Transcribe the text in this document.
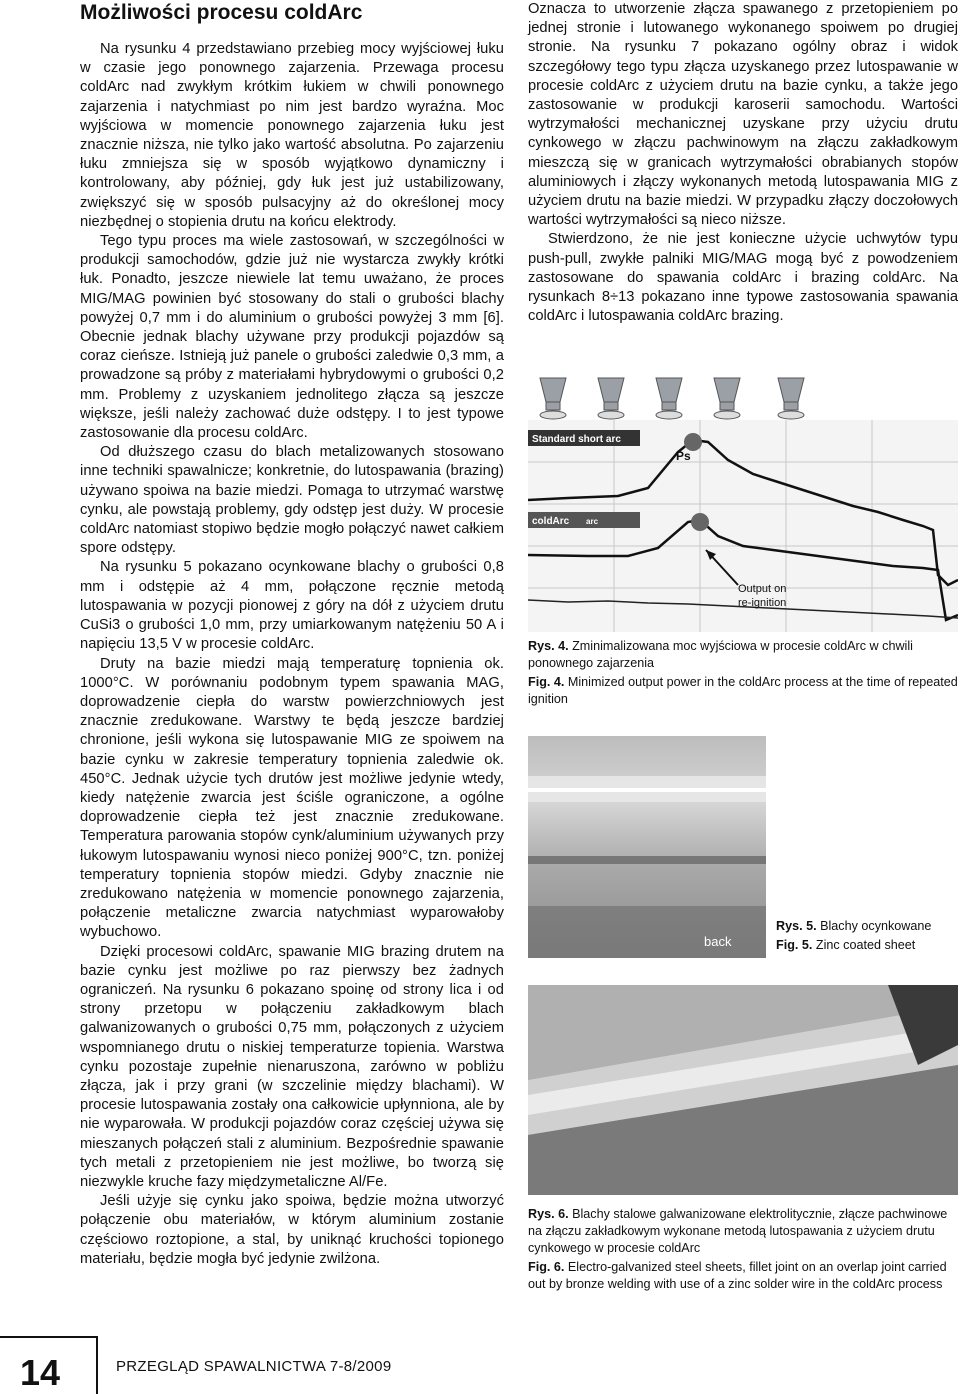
Możliwości procesu coldArc

Na rysunku 4 przedstawiano przebieg mocy wyjściowej łuku w czasie jego ponownego zajarzenia. Przewaga procesu coldArc nad zwykłym krótkim łukiem w chwili ponownego zajarzenia i natychmiast po nim jest bardzo wyraźna. Moc wyjściowa w momencie ponownego zajarzenia łuku jest znacznie niższa, nie tylko jako wartość absolutna. Po zajarzeniu łuku zmniejsza się w sposób wyjątkowo dynamiczny i kontrolowany, aby później, gdy łuk jest już ustabilizowany, zwiększyć się w sposób pulsacyjny aż do określonej mocy niezbędnej o stopienia drutu na końcu elektrody.

Tego typu proces ma wiele zastosowań, w szczególności w produkcji samochodów, gdzie już nie wystarcza zwykły krótki łuk. Ponadto, jeszcze niewiele lat temu uważano, że proces MIG/MAG powinien być stosowany do stali o grubości blachy powyżej 0,7 mm i do aluminium o grubości powyżej 3 mm [6]. Obecnie jednak blachy używane przy produkcji pojazdów są coraz cieńsze. Istnieją już panele o grubości zaledwie 0,3 mm, a prowadzone są próby z materiałami hybrydowymi o grubości 0,2 mm. Problemy z uzyskaniem jednolitego złącza są jeszcze większe, jeśli należy zachować duże odstępy. I to jest typowe zastosowanie dla procesu coldArc.

Od dłuższego czasu do blach metalizowanych stosowano inne techniki spawalnicze; konkretnie, do lutospawania (brazing) używano spoiwa na bazie miedzi. Pomaga to utrzymać warstwę cynku, ale powstają problemy, gdy odstęp jest duży. W procesie coldArc natomiast stopiwo będzie mogło połączyć nawet całkiem spore odstępy.

Na rysunku 5 pokazano ocynkowane blachy o grubości 0,8 mm i odstępie aż 4 mm, połączone ręcznie metodą lutospawania w pozycji pionowej z góry na dół z użyciem drutu CuSi3 o grubości 1,0 mm, przy umiarkowanym natężeniu 50 A i napięciu 13,5 V w procesie coldArc.

Druty na bazie miedzi mają temperaturę topnienia ok. 1000°C. W porównaniu podobnym typem spawania MAG, doprowadzenie ciepła do warstw powierzchniowych jest znacznie zredukowane. Warstwy te będą jeszcze bardziej chronione, jeśli wykona się lutospawanie MIG ze spoiwem na bazie cynku w zakresie temperatury topnienia zaledwie ok. 450°C. Jednak użycie tych drutów jest możliwe jedynie wtedy, kiedy natężenie zwarcia jest ściśle ograniczone, a ogólne doprowadzenie ciepła też jest znacznie zredukowane. Temperatura parowania stopów cynk/aluminium używanych przy łukowym lutospawaniu wynosi nieco poniżej 900°C, tzn. poniżej temperatury topnienia stopów miedzi. Gdyby znacznie nie zredukowano natężenia w momencie ponownego zajarzenia, połączenie metaliczne zwarcia natychmiast wyparowałoby wybuchowo.

Dzięki procesowi coldArc, spawanie MIG brazing drutem na bazie cynku jest możliwe po raz pierwszy bez żadnych ograniczeń. Na rysunku 6 pokazano spoinę od strony lica i od strony przetopu w połączeniu zakładkowym blach galwanizowanych o grubości 0,75 mm, połączonych z użyciem wspomnianego drutu o niskiej temperaturze topienia. Warstwa cynku pozostaje zupełnie nienaruszona, zarówno w pobliżu złącza, jak i przy grani (w szczelinie między blachami). W procesie lutospawania zostały ona całkowicie upłynniona, ale by nie wyparowała. W produkcji pojazdów coraz częściej używa się mieszanych połączeń stali z aluminium. Bezpośrednie spawanie tych metali z przetopieniem nie jest możliwe, bo tworzą się niezwykle kruche fazy międzymetaliczne Al/Fe.

Jeśli użyje się cynku jako spoiwa, będzie można utworzyć połączenie obu materiałów, w którym aluminium zostanie częściowo roztopione, a stal, by uniknąć kruchości topionego materiału, będzie mogła być jedynie zwilżona.

Oznacza to utworzenie złącza spawanego z przetopieniem po jednej stronie i lutowanego wykonanego spoiwem po drugiej stronie. Na rysunku 7 pokazano ogólny obraz i widok szczegółowy tego typu złącza uzyskanego przez lutospawanie w procesie coldArc z użyciem drutu na bazie cynku, a także jego zastosowanie w produkcji karoserii samochodu. Wartości wytrzymałości mechanicznej uzyskane przy użyciu drutu cynkowego w złączu pachwinowym na złączu zakładkowym mieszczą się w granicach wytrzymałości obrabianych stopów aluminiowych i złączy wykonanych metodą lutospawania MIG z użyciem drutu na bazie miedzi. W przypadku złączy doczołowych wartości wytrzymałości są nieco niższe.

Stwierdzono, że nie jest konieczne użycie uchwytów typu push-pull, zwykłe palniki MIG/MAG mogą być z powodzeniem zastosowane do spawania coldArc i brazing coldArc. Na rysunkach 8÷13 pokazano inne typowe zastosowania spawania coldArc i lutospawania coldArc brazing.

Standard short arc
Ps
coldArc arc
Output on
re-ignition
Rys. 4. Zminimalizowana moc wyjściowa w procesie coldArc w chwili ponownego zajarzenia
Fig. 4. Minimized output power in the coldArc process at the time of repeated ignition
back
Rys. 5. Blachy ocynkowane
Fig. 5. Zinc coated sheet
Rys. 6. Blachy stalowe galwanizowane elektrolitycznie, złącze pachwinowe na złączu zakładkowym wykonane metodą lutospawania z użyciem drutu cynkowego w procesie coldArc
Fig. 6. Electro-galvanized steel sheets, fillet joint on an overlap joint carried out by bronze welding with use of a zinc solder wire in the coldArc process
14	PRZEGLĄD SPAWALNICTWA 7-8/2009
